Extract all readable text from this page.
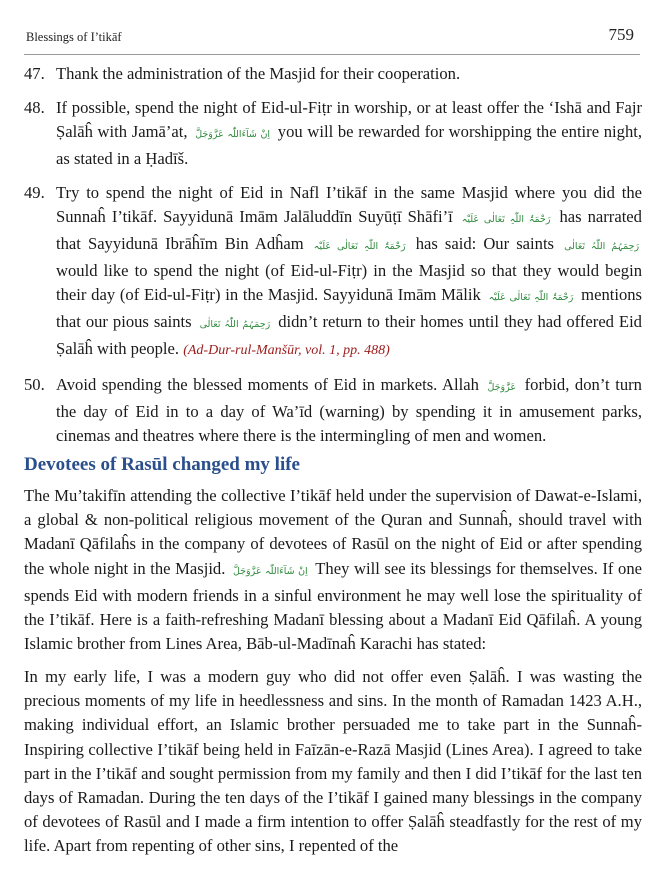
Blessings of I’tikāf	759
47. Thank the administration of the Masjid for their cooperation.
48. If possible, spend the night of Eid-ul-Fiṭr in worship, or at least offer the ‘Ishā and Fajr Ṣalāĥ with Jamā’at, اِنْ شَآءَاللّٰہ عَزَّوَجَلَّ you will be rewarded for worshipping the entire night, as stated in a Ḥadīš.
49. Try to spend the night of Eid in Nafl I’tikāf in the same Masjid where you did the Sunnaĥ I’tikāf. Sayyidunā Imām Jalāluddīn Suyūṭī Shāfi’ī رَحْمَۃُ اللّٰہِ تَعَالٰی عَلَیْہ has narrated that Sayyidunā Ibrāĥīm Bin Adĥam رَحْمَۃُ اللّٰہِ تَعَالٰی عَلَیْہ has said: Our saints رَحِمَہُمُ اللّٰہُ تَعَالٰی would like to spend the night (of Eid-ul-Fiṭr) in the Masjid so that they would begin their day (of Eid-ul-Fiṭr) in the Masjid. Sayyidunā Imām Mālik رَحْمَۃُ اللّٰہِ تَعَالٰی عَلَیْہ mentions that our pious saints رَحِمَہُمُ اللّٰہُ تَعَالٰی didn’t return to their homes until they had offered Eid Ṣalāĥ with people. (Ad-Dur-rul-Manšūr, vol. 1, pp. 488)
50. Avoid spending the blessed moments of Eid in markets. Allah عَزَّوَجَلَّ forbid, don’t turn the day of Eid in to a day of Wa’īd (warning) by spending it in amusement parks, cinemas and theatres where there is the intermingling of men and women.
Devotees of Rasūl changed my life
The Mu’takifīn attending the collective I’tikāf held under the supervision of Dawat-e-Islami, a global & non-political religious movement of the Quran and Sunnaĥ, should travel with Madanī Qāfilaĥs in the company of devotees of Rasūl on the night of Eid or after spending the whole night in the Masjid. اِنْ شَآءَاللّٰہ عَزَّوَجَلَّ They will see its blessings for themselves. If one spends Eid with modern friends in a sinful environment he may well lose the spirituality of the I’tikāf. Here is a faith-refreshing Madanī blessing about a Madanī Eid Qāfilaĥ. A young Islamic brother from Lines Area, Bāb-ul-Madīnaĥ Karachi has stated:
In my early life, I was a modern guy who did not offer even Ṣalāĥ. I was wasting the precious moments of my life in heedlessness and sins. In the month of Ramadan 1423 A.H., making individual effort, an Islamic brother persuaded me to take part in the Sunnaĥ-Inspiring collective I’tikāf being held in Faīzān-e-Razā Masjid (Lines Area). I agreed to take part in the I’tikāf and sought permission from my family and then I did I’tikāf for the last ten days of Ramadan. During the ten days of the I’tikāf I gained many blessings in the company of devotees of Rasūl and I made a firm intention to offer Ṣalāĥ steadfastly for the rest of my life. Apart from repenting of other sins, I repented of the
